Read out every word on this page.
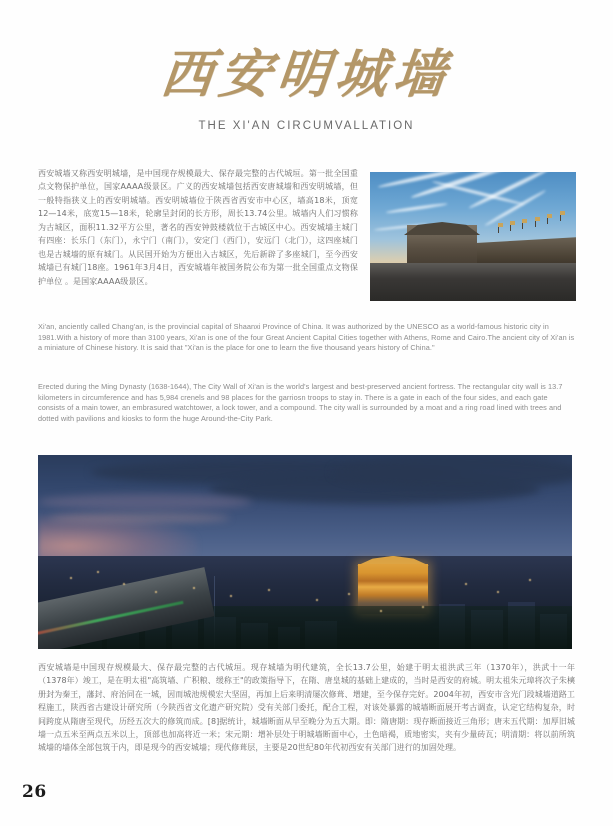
西安明城墙
THE XI'AN CIRCUMVALLATION
西安城墙又称西安明城墙，是中国现存规模最大、保存最完整的古代城垣。第一批全国重点文物保护单位，国家AAAA级景区。广义的西安城墙包括西安唐城墙和西安明城墙，但一般特指狭义上的西安明城墙。西安明城墙位于陕西省西安市中心区，墙高18米，顶宽12—14米，底宽15—18米，轮廓呈封闭的长方形，周长13.74公里。城墙内人们习惯称为古城区，面积11.32平方公里，著名的西安钟鼓楼就位于古城区中心。西安城墙主城门有四座：长乐门（东门），永宁门（南门），安定门（西门），安远门（北门），这四座城门也是古城墙的原有城门。从民国开始为方便出入古城区，先后新辟了多座城门，至今西安城墙已有城门18座。1961年3月4日，西安城墙年被国务院公布为第一批全国重点文物保护单位 。是国家AAAA级景区。
Xi'an, anciently called Chang'an, is the provincial capital of Shaanxi Province of China. It was authorized by the UNESCO as a world-famous historic city in 1981.With a history of more than 3100 years, Xi'an is one of the four Great Ancient Capital Cities together with Athens, Rome and Cairo.The ancient city of Xi'an is a miniature of Chinese history. It is said that "Xi'an is the place for one to learn the five thousand years history of China."
Erected during the Ming Dynasty (1638-1644), The City Wall of Xi'an is the world's largest and best-preserved ancient fortress. The rectangular city wall is 13.7 kilometers in circumference and has 5,984 crenels and 98 places for the garriosn troops to stay in. There is a gate in each of the four sides, and each gate consists of a main tower, an embrasured watchtower, a lock tower, and a compound. The city wall is surrounded by a moat and a ring road lined with trees and dotted with pavilions and kiosks to form the huge Around-the-City Park.
西安城墙是中国现存规模最大、保存最完整的古代城垣。现存城墙为明代建筑，全长13.7公里，始建于明太祖洪武三年（1370年），洪武十一年（1378年）竣工，是在明太祖"高筑墙、广积粮、缓称王"的政策指导下，在隋、唐皇城的基础上建成的，当时是西安的府城。明太祖朱元璋将次子朱樉册封为秦王，藩封、府治同在一城，因而城池规模宏大坚固，再加上后来明清屡次修葺、增建，至今保存完好。2004年初，西安市含光门段城墙道路工程施工，陕西省古建设计研究所（今陕西省文化遗产研究院）受有关部门委托，配合工程，对该处暴露的城墙断面展开考古调查，认定它结构复杂，时间跨度从隋唐至现代，历经五次大的修筑而成。[8]据统计，城墙断面从早至晚分为五大期。即：隋唐期：现存断面接近三角形；唐末五代期：加厚旧城墙一点五米至两点五米以上，顶部也加高将近一米；宋元期：增补层处于明城墙断面中心，土色暗褐，质地密实，夹有少量砖瓦；明清期：将以前所筑城墙的墙体全部包筑于内，即是现今的西安城墙；现代修葺层，主要是20世纪80年代初西安有关部门进行的加固处理。
26
